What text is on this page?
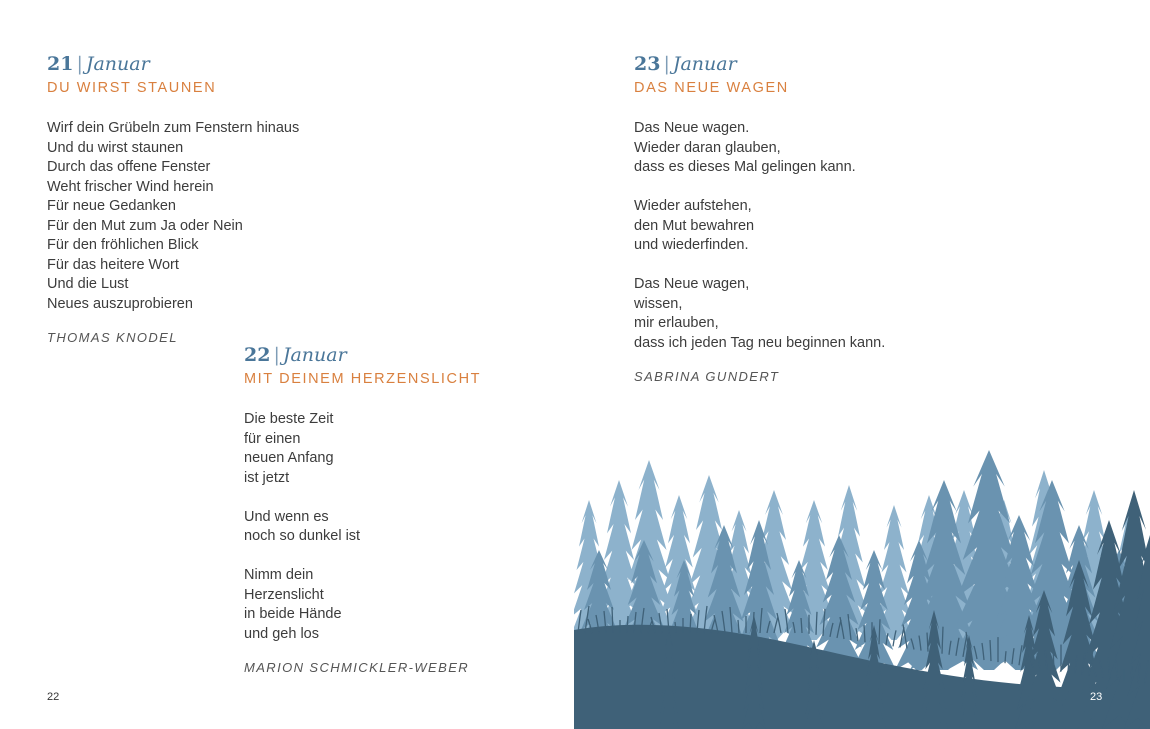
21 | Januar
DU WIRST STAUNEN
Wirf dein Grübeln zum Fenstern hinaus
Und du wirst staunen
Durch das offene Fenster
Weht frischer Wind herein
Für neue Gedanken
Für den Mut zum Ja oder Nein
Für den fröhlichen Blick
Für das heitere Wort
Und die Lust
Neues auszuprobieren
THOMAS KNODEL
22 | Januar
MIT DEINEM HERZENSLICHT
Die beste Zeit
für einen
neuen Anfang
ist jetzt
Und wenn es
noch so dunkel ist
Nimm dein
Herzenslicht
in beide Hände
und geh los
MARION SCHMICKLER-WEBER
23 | Januar
DAS NEUE WAGEN
Das Neue wagen.
Wieder daran glauben,
dass es dieses Mal gelingen kann.
Wieder aufstehen,
den Mut bewahren
und wiederfinden.
Das Neue wagen,
wissen,
mir erlauben,
dass ich jeden Tag neu beginnen kann.
SABRINA GUNDERT
22	23
